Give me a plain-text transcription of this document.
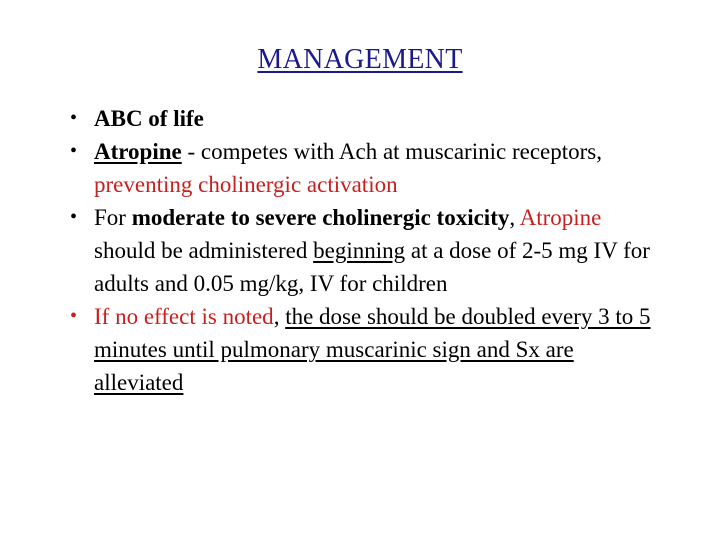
MANAGEMENT
• ABC of life
• Atropine - competes with Ach at muscarinic receptors, preventing cholinergic activation
• For moderate to severe cholinergic toxicity, Atropine should be administered beginning at a dose of 2-5 mg IV for adults and 0.05 mg/kg, IV for children
• If no effect is noted, the dose should be doubled every 3 to 5 minutes until pulmonary muscarinic sign and Sx are alleviated
